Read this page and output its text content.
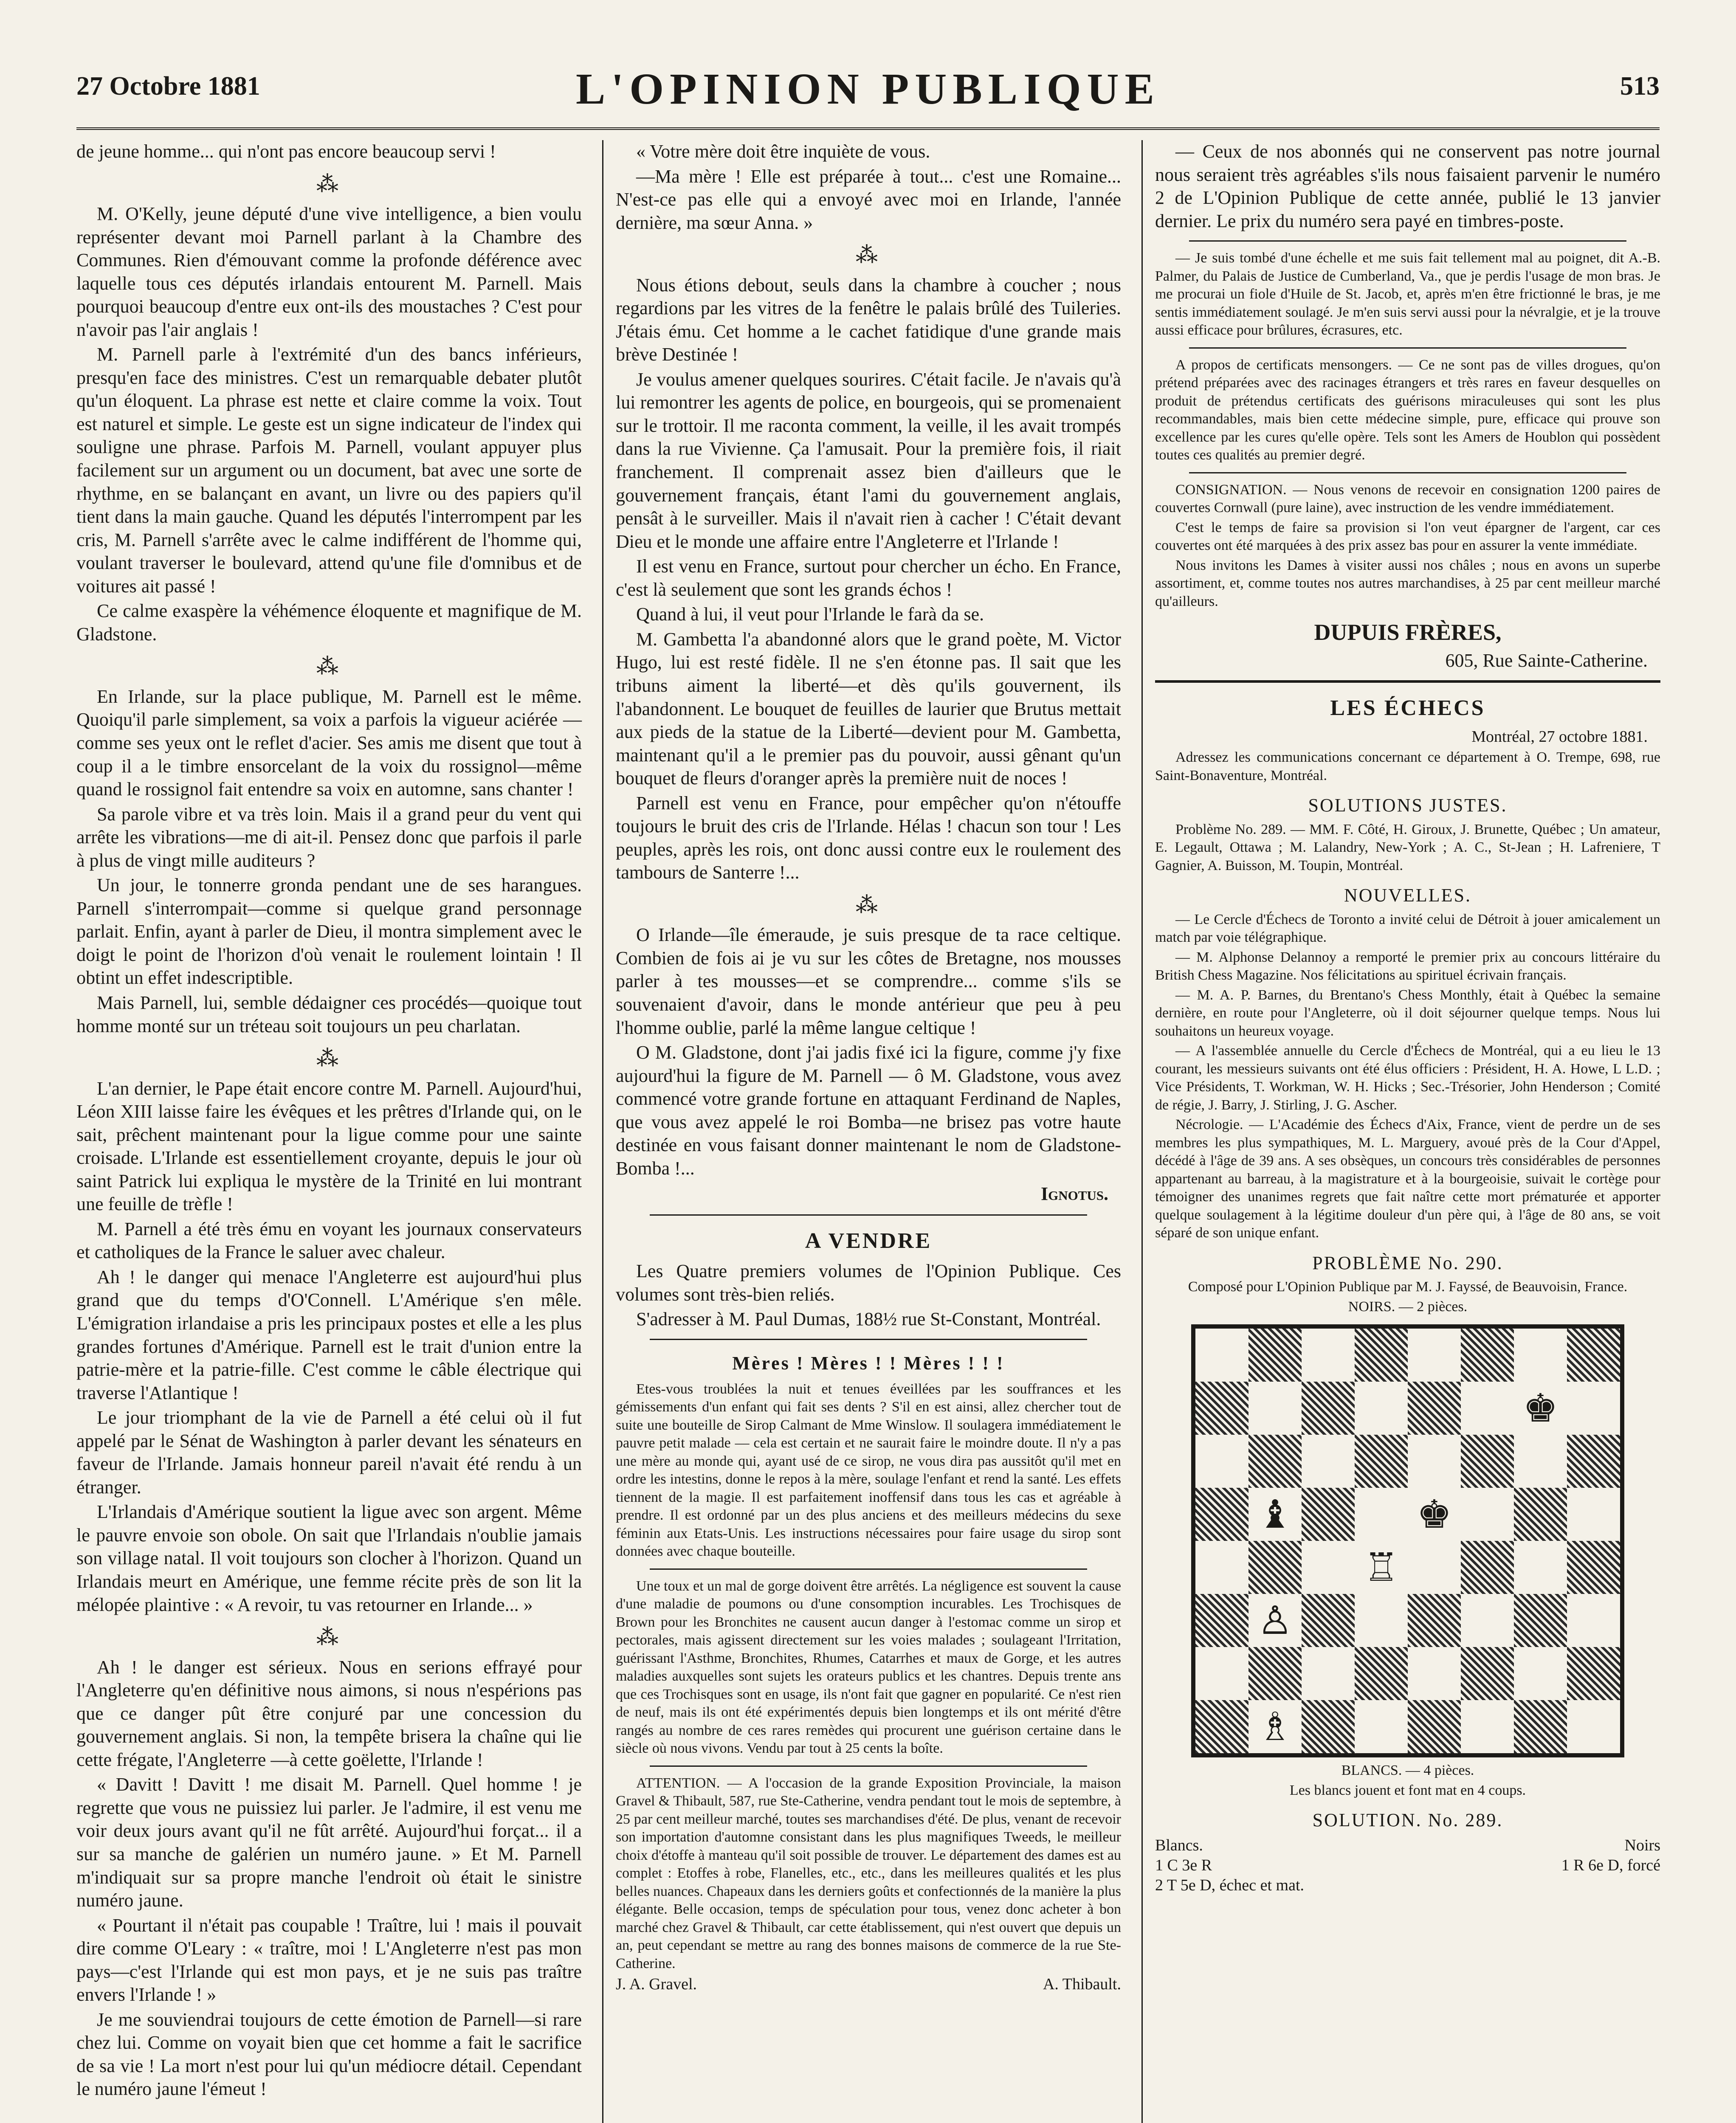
27 Octobre 1881	L'OPINION PUBLIQUE	513

de jeune homme... qui n'ont pas encore beaucoup servi !

⁂

M. O'Kelly, jeune député d'une vive intelligence, a bien voulu représenter devant moi Parnell parlant à la Chambre des Communes. Rien d'émouvant comme la profonde déférence avec laquelle tous ces députés irlandais entourent M. Parnell. Mais pourquoi beaucoup d'entre eux ont-ils des moustaches ? C'est pour n'avoir pas l'air anglais !

M. Parnell parle à l'extrémité d'un des bancs inférieurs, presqu'en face des ministres. C'est un remarquable debater plutôt qu'un éloquent. La phrase est nette et claire comme la voix. Tout est naturel et simple. Le geste est un signe indicateur de l'index qui souligne une phrase. Parfois M. Parnell, voulant appuyer plus facilement sur un argument ou un document, bat avec une sorte de rhythme, en se balançant en avant, un livre ou des papiers qu'il tient dans la main gauche. Quand les députés l'interrompent par les cris, M. Parnell s'arrête avec le calme indifférent de l'homme qui, voulant traverser le boulevard, attend qu'une file d'omnibus et de voitures ait passé !

Ce calme exaspère la véhémence éloquente et magnifique de M. Gladstone.

⁂

En Irlande, sur la place publique, M. Parnell est le même. Quoiqu'il parle simplement, sa voix a parfois la vigueur aciérée — comme ses yeux ont le reflet d'acier. Ses amis me disent que tout à coup il a le timbre ensorcelant de la voix du rossignol—même quand le rossignol fait entendre sa voix en automne, sans chanter !

Sa parole vibre et va très loin. Mais il a grand peur du vent qui arrête les vibrations—me di ait-il. Pensez donc que parfois il parle à plus de vingt mille auditeurs ?

Un jour, le tonnerre gronda pendant une de ses harangues. Parnell s'interrompait—comme si quelque grand personnage parlait. Enfin, ayant à parler de Dieu, il montra simplement avec le doigt le point de l'horizon d'où venait le roulement lointain ! Il obtint un effet indescriptible.

Mais Parnell, lui, semble dédaigner ces procédés—quoique tout homme monté sur un tréteau soit toujours un peu charlatan.

⁂

L'an dernier, le Pape était encore contre M. Parnell. Aujourd'hui, Léon XIII laisse faire les évêques et les prêtres d'Irlande qui, on le sait, prêchent maintenant pour la ligue comme pour une sainte croisade. L'Irlande est essentiellement croyante, depuis le jour où saint Patrick lui expliqua le mystère de la Trinité en lui montrant une feuille de trèfle !

M. Parnell a été très ému en voyant les journaux conservateurs et catholiques de la France le saluer avec chaleur.

Ah ! le danger qui menace l'Angleterre est aujourd'hui plus grand que du temps d'O'Connell. L'Amérique s'en mêle. L'émigration irlandaise a pris les principaux postes et elle a les plus grandes fortunes d'Amérique. Parnell est le trait d'union entre la patrie-mère et la patrie-fille. C'est comme le câble électrique qui traverse l'Atlantique !

Le jour triomphant de la vie de Parnell a été celui où il fut appelé par le Sénat de Washington à parler devant les sénateurs en faveur de l'Irlande. Jamais honneur pareil n'avait été rendu à un étranger.

L'Irlandais d'Amérique soutient la ligue avec son argent. Même le pauvre envoie son obole. On sait que l'Irlandais n'oublie jamais son village natal. Il voit toujours son clocher à l'horizon. Quand un Irlandais meurt en Amérique, une femme récite près de son lit la mélopée plaintive : « A revoir, tu vas retourner en Irlande... »

⁂

Ah ! le danger est sérieux. Nous en serions effrayé pour l'Angleterre qu'en définitive nous aimons, si nous n'espérions pas que ce danger pût être conjuré par une concession du gouvernement anglais. Si non, la tempête brisera la chaîne qui lie cette frégate, l'Angleterre —à cette goëlette, l'Irlande !

« Davitt ! Davitt ! me disait M. Parnell. Quel homme ! je regrette que vous ne puissiez lui parler. Je l'admire, il est venu me voir deux jours avant qu'il ne fût arrêté. Aujourd'hui forçat... il a sur sa manche de galérien un numéro jaune. » Et M. Parnell m'indiquait sur sa propre manche l'endroit où était le sinistre numéro jaune.

« Pourtant il n'était pas coupable ! Traître, lui ! mais il pouvait dire comme O'Leary : « traître, moi ! L'Angleterre n'est pas mon pays—c'est l'Irlande qui est mon pays, et je ne suis pas traître envers l'Irlande ! »

Je me souviendrai toujours de cette émotion de Parnell—si rare chez lui. Comme on voyait bien que cet homme a fait le sacrifice de sa vie ! La mort n'est pour lui qu'un médiocre détail. Cependant le numéro jaune l'émeut !

« Votre mère doit être inquiète de vous.

—Ma mère ! Elle est préparée à tout... c'est une Romaine... N'est-ce pas elle qui a envoyé avec moi en Irlande, l'année dernière, ma sœur Anna. »

⁂

Nous étions debout, seuls dans la chambre à coucher ; nous regardions par les vitres de la fenêtre le palais brûlé des Tuileries. J'étais ému. Cet homme a le cachet fatidique d'une grande mais brève Destinée !

Je voulus amener quelques sourires. C'était facile. Je n'avais qu'à lui remontrer les agents de police, en bourgeois, qui se promenaient sur le trottoir. Il me raconta comment, la veille, il les avait trompés dans la rue Vivienne. Ça l'amusait. Pour la première fois, il riait franchement. Il comprenait assez bien d'ailleurs que le gouvernement français, étant l'ami du gouvernement anglais, pensât à le surveiller. Mais il n'avait rien à cacher ! C'était devant Dieu et le monde une affaire entre l'Angleterre et l'Irlande !

Il est venu en France, surtout pour chercher un écho. En France, c'est là seulement que sont les grands échos !

Quand à lui, il veut pour l'Irlande le farà da se.

M. Gambetta l'a abandonné alors que le grand poète, M. Victor Hugo, lui est resté fidèle. Il ne s'en étonne pas. Il sait que les tribuns aiment la liberté—et dès qu'ils gouvernent, ils l'abandonnent. Le bouquet de feuilles de laurier que Brutus mettait aux pieds de la statue de la Liberté—devient pour M. Gambetta, maintenant qu'il a le premier pas du pouvoir, aussi gênant qu'un bouquet de fleurs d'oranger après la première nuit de noces !

Parnell est venu en France, pour empêcher qu'on n'étouffe toujours le bruit des cris de l'Irlande. Hélas ! chacun son tour ! Les peuples, après les rois, ont donc aussi contre eux le roulement des tambours de Santerre !...

⁂

O Irlande—île émeraude, je suis presque de ta race celtique. Combien de fois ai je vu sur les côtes de Bretagne, nos mousses parler à tes mousses—et se comprendre... comme s'ils se souvenaient d'avoir, dans le monde antérieur que peu à peu l'homme oublie, parlé la même langue celtique !

O M. Gladstone, dont j'ai jadis fixé ici la figure, comme j'y fixe aujourd'hui la figure de M. Parnell — ô M. Gladstone, vous avez commencé votre grande fortune en attaquant Ferdinand de Naples, que vous avez appelé le roi Bomba—ne brisez pas votre haute destinée en vous faisant donner maintenant le nom de Gladstone-Bomba !...

Ignotus.
A VENDRE

Les Quatre premiers volumes de l'Opinion Publique. Ces volumes sont très-bien reliés.

S'adresser à M. Paul Dumas, 188½ rue St-Constant, Montréal.

Mères ! Mères ! ! Mères ! ! !

Etes-vous troublées la nuit et tenues éveillées par les souffrances et les gémissements d'un enfant qui fait ses dents ? S'il en est ainsi, allez chercher tout de suite une bouteille de Sirop Calmant de Mme Winslow. Il soulagera immédiatement le pauvre petit malade — cela est certain et ne saurait faire le moindre doute. Il n'y a pas une mère au monde qui, ayant usé de ce sirop, ne vous dira pas aussitôt qu'il met en ordre les intestins, donne le repos à la mère, soulage l'enfant et rend la santé. Les effets tiennent de la magie. Il est parfaitement inoffensif dans tous les cas et agréable à prendre. Il est ordonné par un des plus anciens et des meilleurs médecins du sexe féminin aux Etats-Unis. Les instructions nécessaires pour faire usage du sirop sont données avec chaque bouteille.

Une toux et un mal de gorge doivent être arrêtés. La négligence est souvent la cause d'une maladie de poumons ou d'une consomption incurables. Les Trochisques de Brown pour les Bronchites ne causent aucun danger à l'estomac comme un sirop et pectorales, mais agissent directement sur les voies malades ; soulageant l'Irritation, guérissant l'Asthme, Bronchites, Rhumes, Catarrhes et maux de Gorge, et les autres maladies auxquelles sont sujets les orateurs publics et les chantres. Depuis trente ans que ces Trochisques sont en usage, ils n'ont fait que gagner en popularité. Ce n'est rien de neuf, mais ils ont été expérimentés depuis bien longtemps et ils ont mérité d'être rangés au nombre de ces rares remèdes qui procurent une guérison certaine dans le siècle où nous vivons. Vendu par tout à 25 cents la boîte.

ATTENTION. — A l'occasion de la grande Exposition Provinciale, la maison Gravel & Thibault, 587, rue Ste-Catherine, vendra pendant tout le mois de septembre, à 25 par cent meilleur marché, toutes ses marchandises d'été. De plus, venant de recevoir son importation d'automne consistant dans les plus magnifiques Tweeds, le meilleur choix d'étoffe à manteau qu'il soit possible de trouver. Le département des dames est au complet : Etoffes à robe, Flanelles, etc., etc., dans les meilleures qualités et les plus belles nuances. Chapeaux dans les derniers goûts et confectionnés de la manière la plus élégante. Belle occasion, temps de spéculation pour tous, venez donc acheter à bon marché chez Gravel & Thibault, car cette établissement, qui n'est ouvert que depuis un an, peut cependant se mettre au rang des bonnes maisons de commerce de la rue Ste-Catherine.

J. A. Gravel.	A. Thibault.

— Ceux de nos abonnés qui ne conservent pas notre journal nous seraient très agréables s'ils nous faisaient parvenir le numéro 2 de L'Opinion Publique de cette année, publié le 13 janvier dernier. Le prix du numéro sera payé en timbres-poste.

— Je suis tombé d'une échelle et me suis fait tellement mal au poignet, dit A.-B. Palmer, du Palais de Justice de Cumberland, Va., que je perdis l'usage de mon bras. Je me procurai un fiole d'Huile de St. Jacob, et, après m'en être frictionné le bras, je me sentis immédiatement soulagé. Je m'en suis servi aussi pour la névralgie, et je la trouve aussi efficace pour brûlures, écrasures, etc.

A propos de certificats mensongers. — Ce ne sont pas de villes drogues, qu'on prétend préparées avec des racinages étrangers et très rares en faveur desquelles on produit de prétendus certificats des guérisons miraculeuses qui sont les plus recommandables, mais bien cette médecine simple, pure, efficace qui prouve son excellence par les cures qu'elle opère. Tels sont les Amers de Houblon qui possèdent toutes ces qualités au premier degré.

CONSIGNATION. — Nous venons de recevoir en consignation 1200 paires de couvertes Cornwall (pure laine), avec instruction de les vendre immédiatement.

C'est le temps de faire sa provision si l'on veut épargner de l'argent, car ces couvertes ont été marquées à des prix assez bas pour en assurer la vente immédiate.

Nous invitons les Dames à visiter aussi nos châles ; nous en avons un superbe assortiment, et, comme toutes nos autres marchandises, à 25 par cent meilleur marché qu'ailleurs.

DUPUIS FRÈRES,
605, Rue Sainte-Catherine.
LES ÉCHECS
Montréal, 27 octobre 1881.

Adressez les communications concernant ce département à O. Trempe, 698, rue Saint-Bonaventure, Montréal.

SOLUTIONS JUSTES.

Problème No. 289. — MM. F. Côté, H. Giroux, J. Brunette, Québec ; Un amateur, E. Legault, Ottawa ; M. Lalandry, New-York ; A. C., St-Jean ; H. Lafreniere, T Gagnier, A. Buisson, M. Toupin, Montréal.

NOUVELLES.

— Le Cercle d'Échecs de Toronto a invité celui de Détroit à jouer amicalement un match par voie télégraphique.

— M. Alphonse Delannoy a remporté le premier prix au concours littéraire du British Chess Magazine. Nos félicitations au spirituel écrivain français.

— M. A. P. Barnes, du Brentano's Chess Monthly, était à Québec la semaine dernière, en route pour l'Angleterre, où il doit séjourner quelque temps. Nous lui souhaitons un heureux voyage.

— A l'assemblée annuelle du Cercle d'Échecs de Montréal, qui a eu lieu le 13 courant, les messieurs suivants ont été élus officiers : Président, H. A. Howe, L L.D. ; Vice Présidents, T. Workman, W. H. Hicks ; Sec.-Trésorier, John Henderson ; Comité de régie, J. Barry, J. Stirling, J. G. Ascher.

Nécrologie. — L'Académie des Échecs d'Aix, France, vient de perdre un de ses membres les plus sympathiques, M. L. Marguery, avoué près de la Cour d'Appel, décédé à l'âge de 39 ans. A ses obsèques, un concours très considérables de personnes appartenant au barreau, à la magistrature et à la bourgeoisie, suivait le cortège pour témoigner des unanimes regrets que fait naître cette mort prématurée et apporter quelque soulagement à la légitime douleur d'un père qui, à l'âge de 80 ans, se voit séparé de son unique enfant.

PROBLÈME No. 290.

Composé pour L'Opinion Publique par M. J. Fayssé, de Beauvoisin, France.

NOIRS. — 2 pièces.

♚
♚
♝
♖
♙
♗

BLANCS. — 4 pièces.

Les blancs jouent et font mat en 4 coups.

SOLUTION. No. 289.
Blancs.	Noirs
1 C 3e R	1 R 6e D, forcé
2 T 5e D, échec et mat.
